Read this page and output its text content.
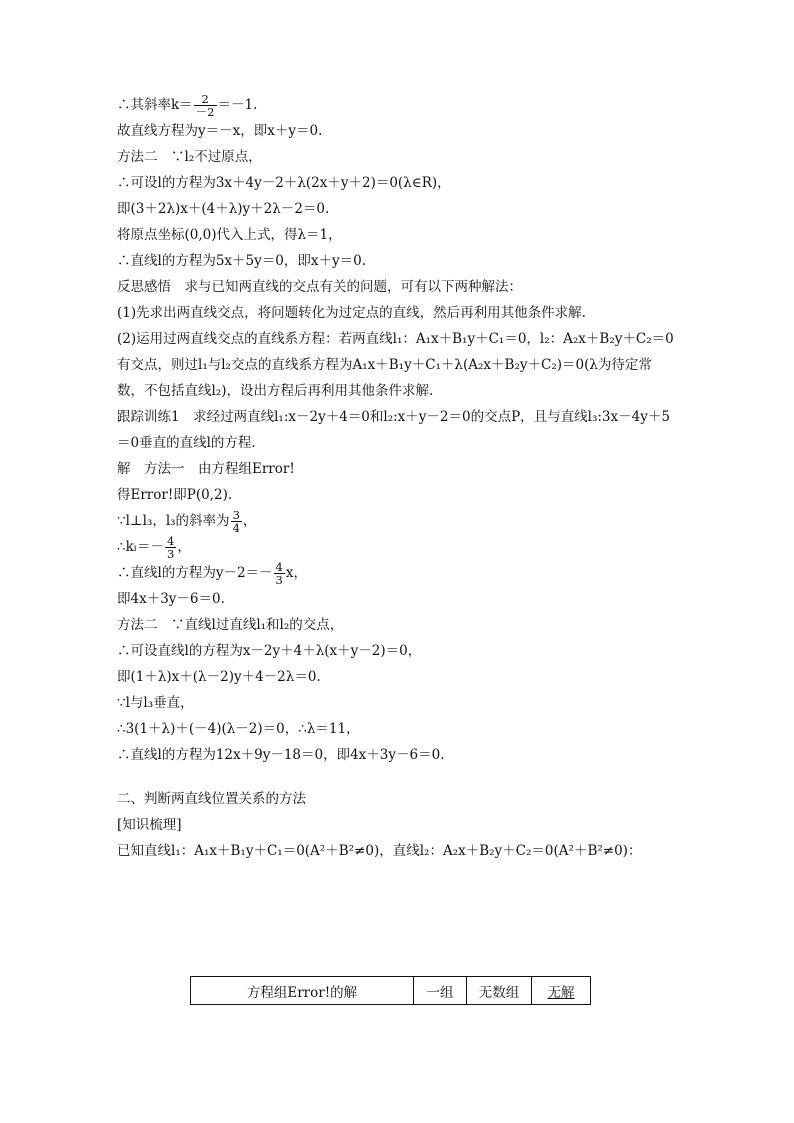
∴其斜率$k= \frac{2}{-2} =-1$.
故直线方程为y＝－x，即x＋y＝0.
方法二　∵l₂不过原点，
∴可设l的方程为3x＋4y－2＋λ(2x＋y＋2)＝0(λ∈R)，
即(3＋2λ)x＋(4＋λ)y＋2λ－2＝0.
将原点坐标(0,0)代入上式，得λ＝1，
∴直线l的方程为5x＋5y＝0，即x＋y＝0.
反思感悟　求与已知两直线的交点有关的问题，可有以下两种解法：
(1)先求出两直线交点，将问题转化为过定点的直线，然后再利用其他条件求解.
(2)运用过两直线交点的直线系方程：若两直线l₁：A₁x＋B₁y＋C₁＝0，l₂：A₂x＋B₂y＋C₂＝0有交点，则过l₁与l₂交点的直线系方程为A₁x＋B₁y＋C₁＋λ(A₂x＋B₂y＋C₂)＝0(λ为待定常数，不包括直线l₂)，设出方程后再利用其他条件求解.
跟踪训练1　求经过两直线l₁:x－2y＋4＝0和l₂:x＋y－2＝0的交点P，且与直线l₃:3x－4y＋5＝0垂直的直线l的方程.
解　方法一　由方程组Error!
得Error!即P(0,2).
∵l⊥l₃，l₃的斜率为 $\frac{3}{4}$ ，
∴kₗ＝－ $\frac{4}{3}$ ，
∴直线l的方程为$y-2=- \frac{4}{3}$ x，
即4x＋3y－6＝0.
方法二　∵直线l过直线l₁和l₂的交点，
∴可设直线l的方程为x－2y＋4＋λ(x＋y－2)＝0，
即(1＋λ)x＋(λ－2)y＋4－2λ＝0.
∵l与l₃垂直，
∴3(1＋λ)＋(－4)(λ－2)＝0，∴λ＝11，
∴直线l的方程为12x＋9y－18＝0，即4x＋3y－6＝0.
二、判断两直线位置关系的方法
[知识梳理]
已知直线l₁：A₁x＋B₁y＋C₁＝0(A²＋B²≠0)，直线l₂：A₂x＋B₂y＋C₂＝0(A²＋B²≠0)：
方程组Error!的解	一组	无数组	无解
